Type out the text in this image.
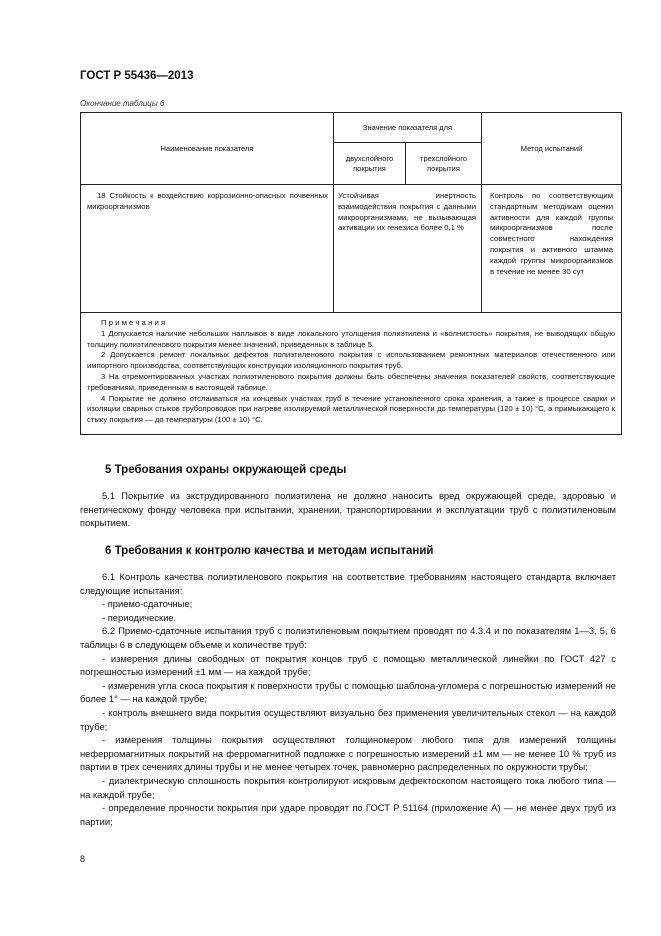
ГОСТ Р 55436—2013
Окончание таблицы 6
Наименование показателя	Значение показателя для		Метод испытаний
	двухслойного покрытия	трехслойного покрытия	
18 Стойкость к воздействию коррозионно-опасных почвенных микроорганизмов	Устойчивая инертность взаимодействия покрытия с данными микроорганизмами, не вызывающая активации их генезиса более 0,1 %		Контроль по соответствующим стандартным методикам оценки активности для каждой группы микроорганизмов после совместного нахождения покрытия и активного штамма каждой группы микроорганизмов в течение не менее 30 сут

Примечания

1 Допускается наличие небольших наплывов в виде локального утолщения полиэтилена и «волнистость» покрытия, не выводящих общую толщину полиэтиленового покрытия менее значений, приведенных в таблице 5.

2 Допускается ремонт локальных дефектов полиэтиленового покрытия с использованием ремонтных материалов отечественного или импортного производства, соответствующих конструкции изоляционного покрытия труб.

3 На отремонтированных участках полиэтиленового покрытия должны быть обеспечены значения показателей свойств, соответствующие требованиям, приведенным в настоящей таблице.

4 Покрытие не должно отслаиваться на концевых участках труб в течение установленного срока хранения, а также в процессе сварки и изоляции сварных стыков трубопроводов при нагреве изолируемой металлической поверхности до температуры (120 ± 10) °С, а примыкающего к стыку покрытия — до температуры (100 ± 10) °С.			

5 Требования охраны окружающей среды

5.1 Покрытие из экструдированного полиэтилена не должно наносить вред окружающей среде, здоровью и генетическому фонду человека при испытании, хранении, транспортировании и эксплуатации труб с полиэтиленовым покрытием.

6 Требования к контролю качества и методам испытаний

6.1 Контроль качества полиэтиленового покрытия на соответствие требованиям настоящего стандарта включает следующие испытания:

- приемо-сдаточные;

- периодические.

6.2 Приемо-сдаточные испытания труб с полиэтиленовым покрытием проводят по 4.3.4 и по показателям 1—3, 5, 6 таблицы 6 в следующем объеме и количестве труб:

- измерения длины свободных от покрытия концов труб с помощью металлической линейки по ГОСТ 427 с погрешностью измерений ±1 мм — на каждой трубе;

- измерения угла скоса покрытия к поверхности трубы с помощью шаблона-угломера с погрешностью измерений не более 1° — на каждой трубе;

- контроль внешнего вида покрытия осуществляют визуально без применения увеличительных стекол — на каждой трубе;

- измерения толщины покрытия осуществляют толщиномером любого типа для измерений толщины неферромагнитных покрытий на ферромагнитной подложке с погрешностью измерений ±1 мм — не менее 10 % труб из партии в трех сечениях длины трубы и не менее четырех точек, равномерно распределенных по окружности трубы;

- диэлектрическую сплошность покрытия контролируют искровым дефектоскопом настоящего тока любого типа — на каждой трубе;

- определение прочности покрытия при ударе проводят по ГОСТ Р 51164 (приложение А) — не менее двух труб из партии;

8
